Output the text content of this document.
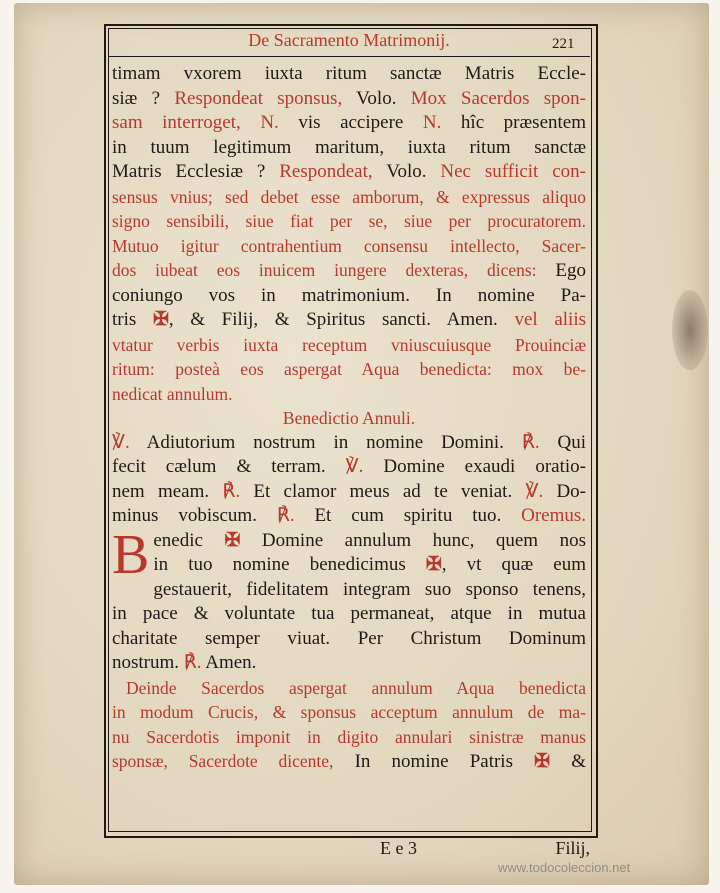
De Sacramento Matrimonij.	221
timam vxorem iuxta ritum sanctæ Matris Eccle-
siæ ? Respondeat sponsus, Volo. Mox Sacerdos spon-
sam interroget, N. vis accipere N. hîc præsentem
in tuum legitimum maritum, iuxta ritum sanctæ
Matris Ecclesiæ ? Respondeat, Volo. Nec sufficit con-
sensus vnius; sed debet esse amborum, & expressus aliquo
signo sensibili, siue fiat per se, siue per procuratorem.
Mutuo igitur contrahentium consensu intellecto, Sacer-
dos iubeat eos inuicem iungere dexteras, dicens: Ego
coniungo vos in matrimonium. In nomine Pa-
tris ✠, & Filij, & Spiritus sancti. Amen. vel aliis
vtatur verbis iuxta receptum vniuscuiusque Prouinciæ
ritum: posteà eos aspergat Aqua benedicta: mox be-
nedicat annulum.
Benedictio Annuli.
℣. Adiutorium nostrum in nomine Domini. ℟. Qui
fecit cælum & terram. ℣. Domine exaudi oratio-
nem meam. ℟. Et clamor meus ad te veniat. ℣. Do-
minus vobiscum. ℟. Et cum spiritu tuo. Oremus.
B enedic ✠ Domine annulum hunc, quem nos
in tuo nomine benedicimus ✠, vt quæ eum
gestauerit, fidelitatem integram suo sponso tenens,
in pace & voluntate tua permaneat, atque in mutua
charitate semper viuat. Per Christum Dominum
nostrum. ℟. Amen.
Deinde Sacerdos aspergat annulum Aqua benedicta
in modum Crucis, & sponsus acceptum annulum de ma-
nu Sacerdotis imponit in digito annulari sinistræ manus
sponsæ, Sacerdote dicente, In nomine Patris ✠ &
E e 3	Filij,
www.todocoleccion.net
